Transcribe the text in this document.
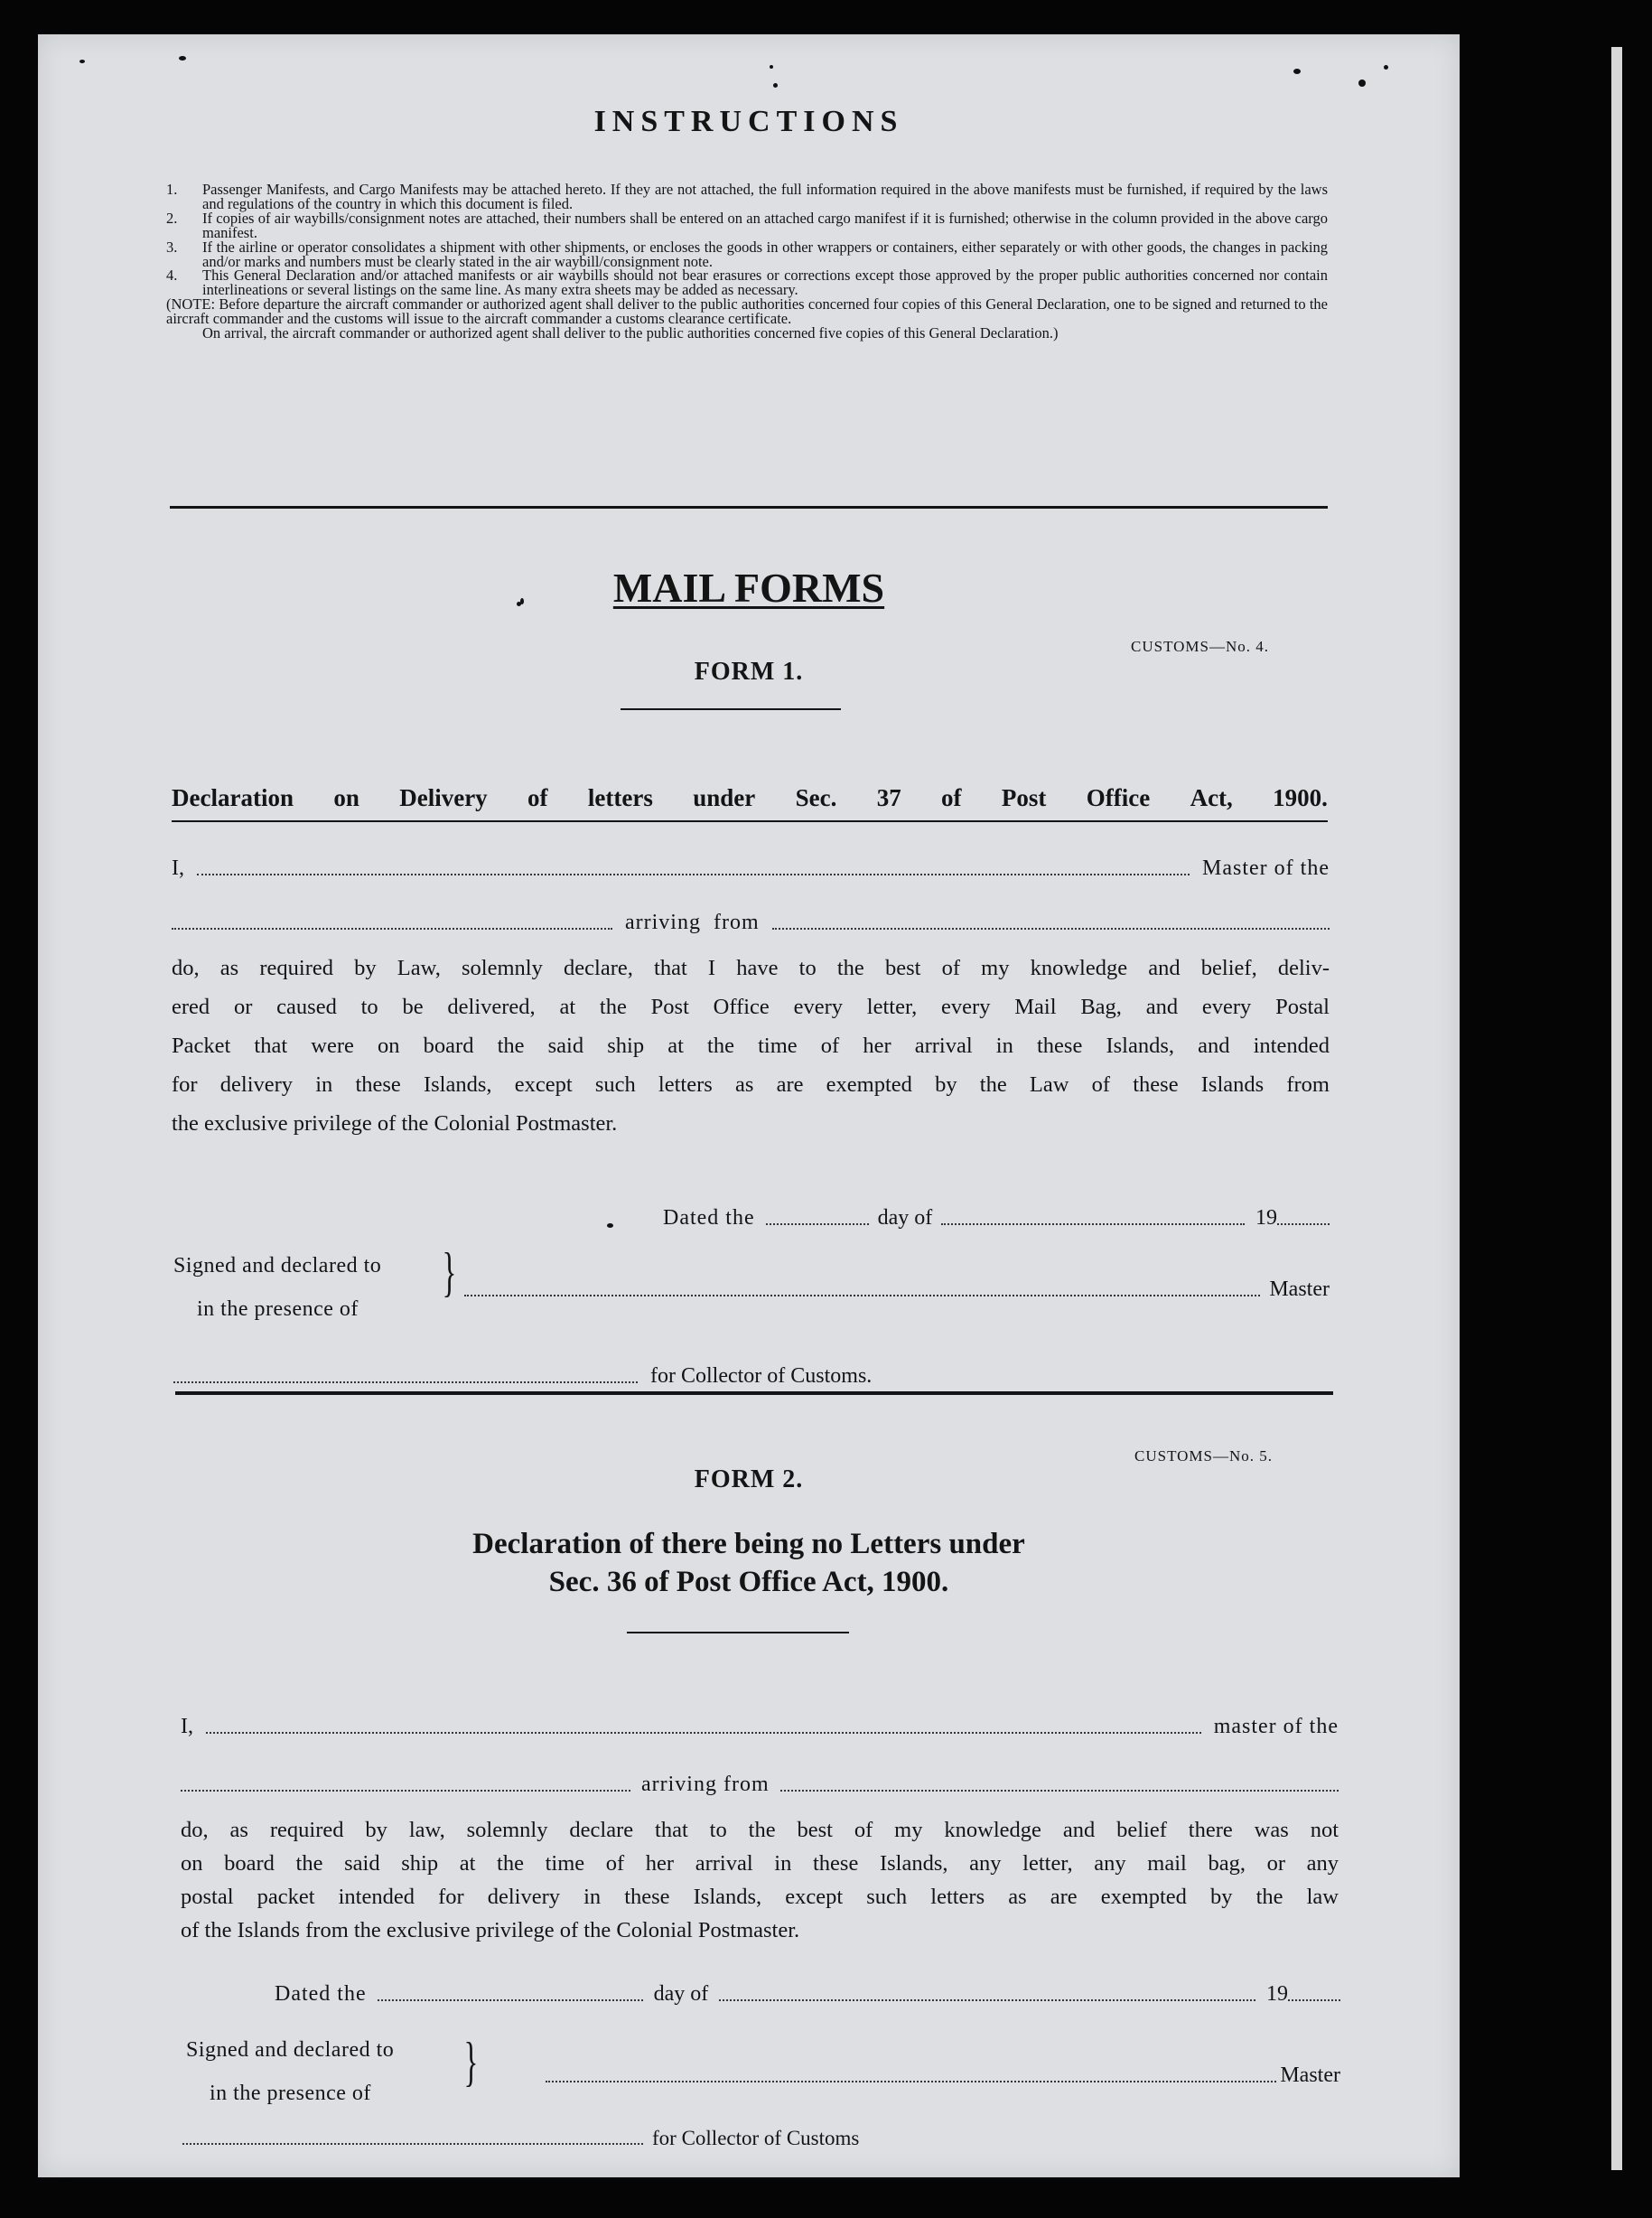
INSTRUCTIONS
1. Passenger Manifests, and Cargo Manifests may be attached hereto. If they are not attached, the full information required in the above manifests must be furnished, if required by the laws and regulations of the country in which this document is filed.
2. If copies of air waybills/consignment notes are attached, their numbers shall be entered on an attached cargo manifest if it is furnished; otherwise in the column provided in the above cargo manifest.
3. If the airline or operator consolidates a shipment with other shipments, or encloses the goods in other wrappers or containers, either separately or with other goods, the changes in packing and/or marks and numbers must be clearly stated in the air waybill/consignment note.
4. This General Declaration and/or attached manifests or air waybills should not bear erasures or corrections except those approved by the proper public authorities concerned nor contain interlineations or several listings on the same line. As many extra sheets may be added as necessary.
(NOTE: Before departure the aircraft commander or authorized agent shall deliver to the public authorities concerned four copies of this General Declaration, one to be signed and returned to the aircraft commander and the customs will issue to the aircraft commander a customs clearance certificate.
On arrival, the aircraft commander or authorized agent shall deliver to the public authorities concerned five copies of this General Declaration.)
MAIL FORMS
CUSTOMS—No. 4.
FORM 1.
Declaration on Delivery of letters under Sec. 37 of Post Office Act, 1900.
I,	Master of the
arriving  from
do, as required by Law, solemnly declare, that I have to the best of my knowledge and belief, deliv-
ered or caused to be delivered, at the Post Office every letter, every Mail Bag, and every Postal
Packet that were on board the said ship at the time of her arrival in these Islands, and intended
for delivery in these Islands, except such letters as are exempted by the Law of these Islands from
the exclusive privilege of the Colonial Postmaster.
Dated the	day of	19
Signed and declared to
in the presence of
}	Master
for Collector of Customs.
CUSTOMS—No. 5.
FORM 2.
Declaration of there being no Letters under
Sec. 36 of Post Office Act, 1900.
I,	master of the
arriving from
do, as required by law, solemnly declare that to the best of my knowledge and belief there was not
on board the said ship at the time of her arrival in these Islands, any letter, any mail bag, or any
postal packet intended for delivery in these Islands, except such letters as are exempted by the law
of the Islands from the exclusive privilege of the Colonial Postmaster.
Dated the	day of	19
Signed and declared to
in the presence of
}	Master
for Collector of Customs
